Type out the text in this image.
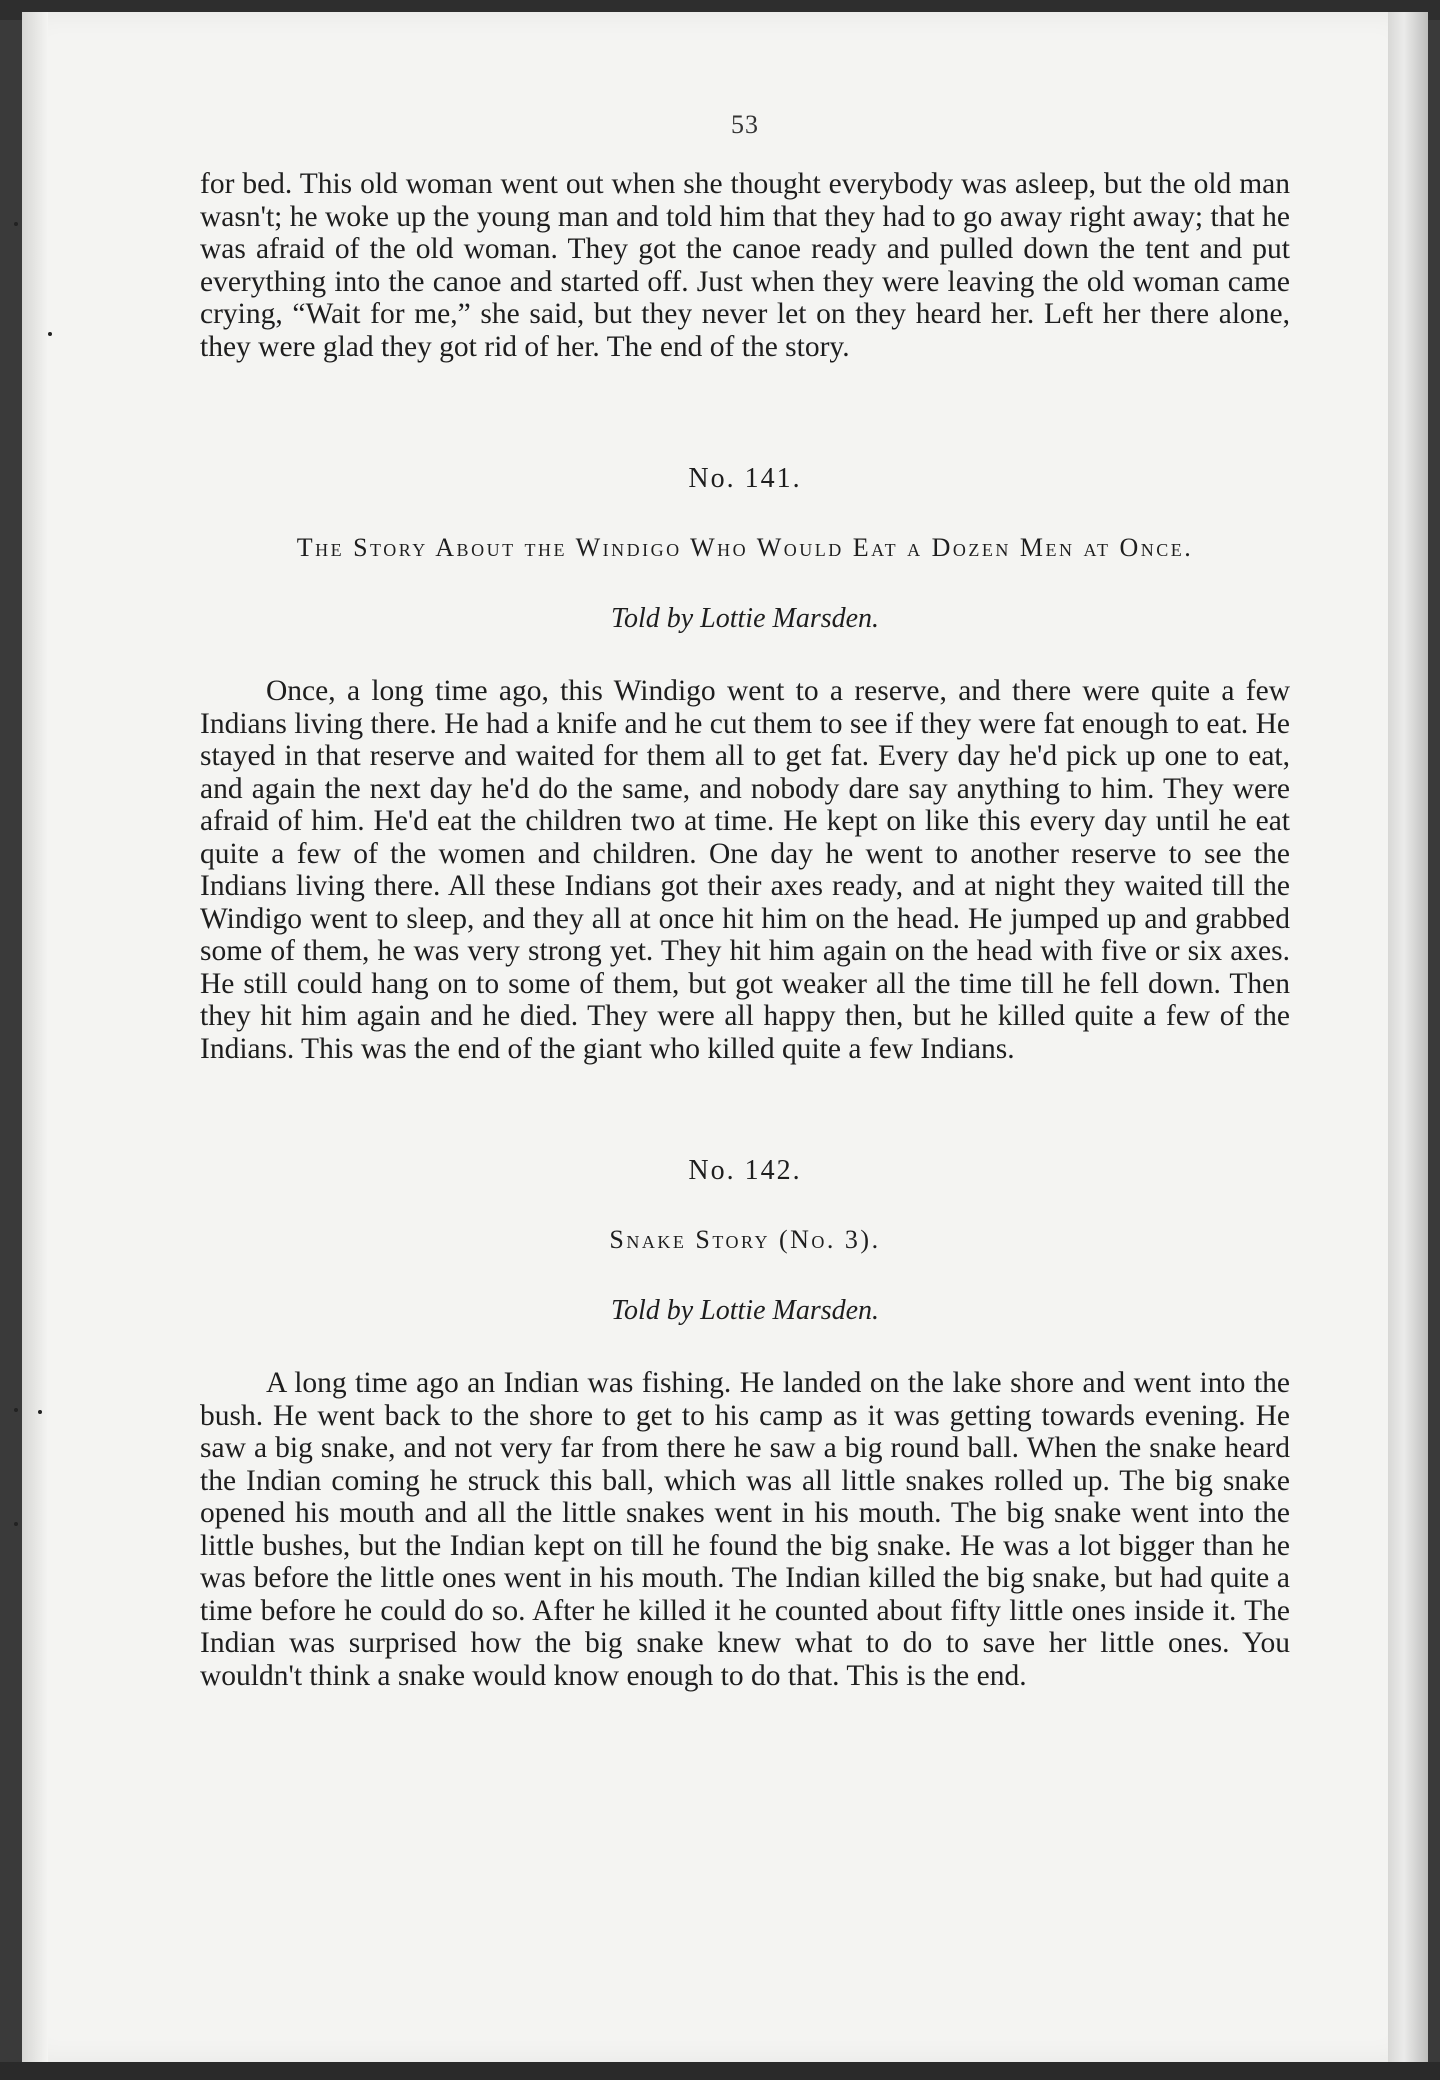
53

for bed. This old woman went out when she thought everybody was asleep, but the old man wasn't; he woke up the young man and told him that they had to go away right away; that he was afraid of the old woman. They got the canoe ready and pulled down the tent and put everything into the canoe and started off. Just when they were leaving the old woman came crying, “Wait for me,” she said, but they never let on they heard her. Left her there alone, they were glad they got rid of her. The end of the story.

No. 141.

The Story About the Windigo Who Would Eat a Dozen Men at Once.

Told by Lottie Marsden.

Once, a long time ago, this Windigo went to a reserve, and there were quite a few Indians living there. He had a knife and he cut them to see if they were fat enough to eat. He stayed in that reserve and waited for them all to get fat. Every day he'd pick up one to eat, and again the next day he'd do the same, and nobody dare say anything to him. They were afraid of him. He'd eat the children two at time. He kept on like this every day until he eat quite a few of the women and children. One day he went to another reserve to see the Indians living there. All these Indians got their axes ready, and at night they waited till the Windigo went to sleep, and they all at once hit him on the head. He jumped up and grabbed some of them, he was very strong yet. They hit him again on the head with five or six axes. He still could hang on to some of them, but got weaker all the time till he fell down. Then they hit him again and he died. They were all happy then, but he killed quite a few of the Indians. This was the end of the giant who killed quite a few Indians.

No. 142.

Snake Story (No. 3).

Told by Lottie Marsden.

A long time ago an Indian was fishing. He landed on the lake shore and went into the bush. He went back to the shore to get to his camp as it was getting towards evening. He saw a big snake, and not very far from there he saw a big round ball. When the snake heard the Indian coming he struck this ball, which was all little snakes rolled up. The big snake opened his mouth and all the little snakes went in his mouth. The big snake went into the little bushes, but the Indian kept on till he found the big snake. He was a lot bigger than he was before the little ones went in his mouth. The Indian killed the big snake, but had quite a time before he could do so. After he killed it he counted about fifty little ones inside it. The Indian was surprised how the big snake knew what to do to save her little ones. You wouldn't think a snake would know enough to do that. This is the end.
